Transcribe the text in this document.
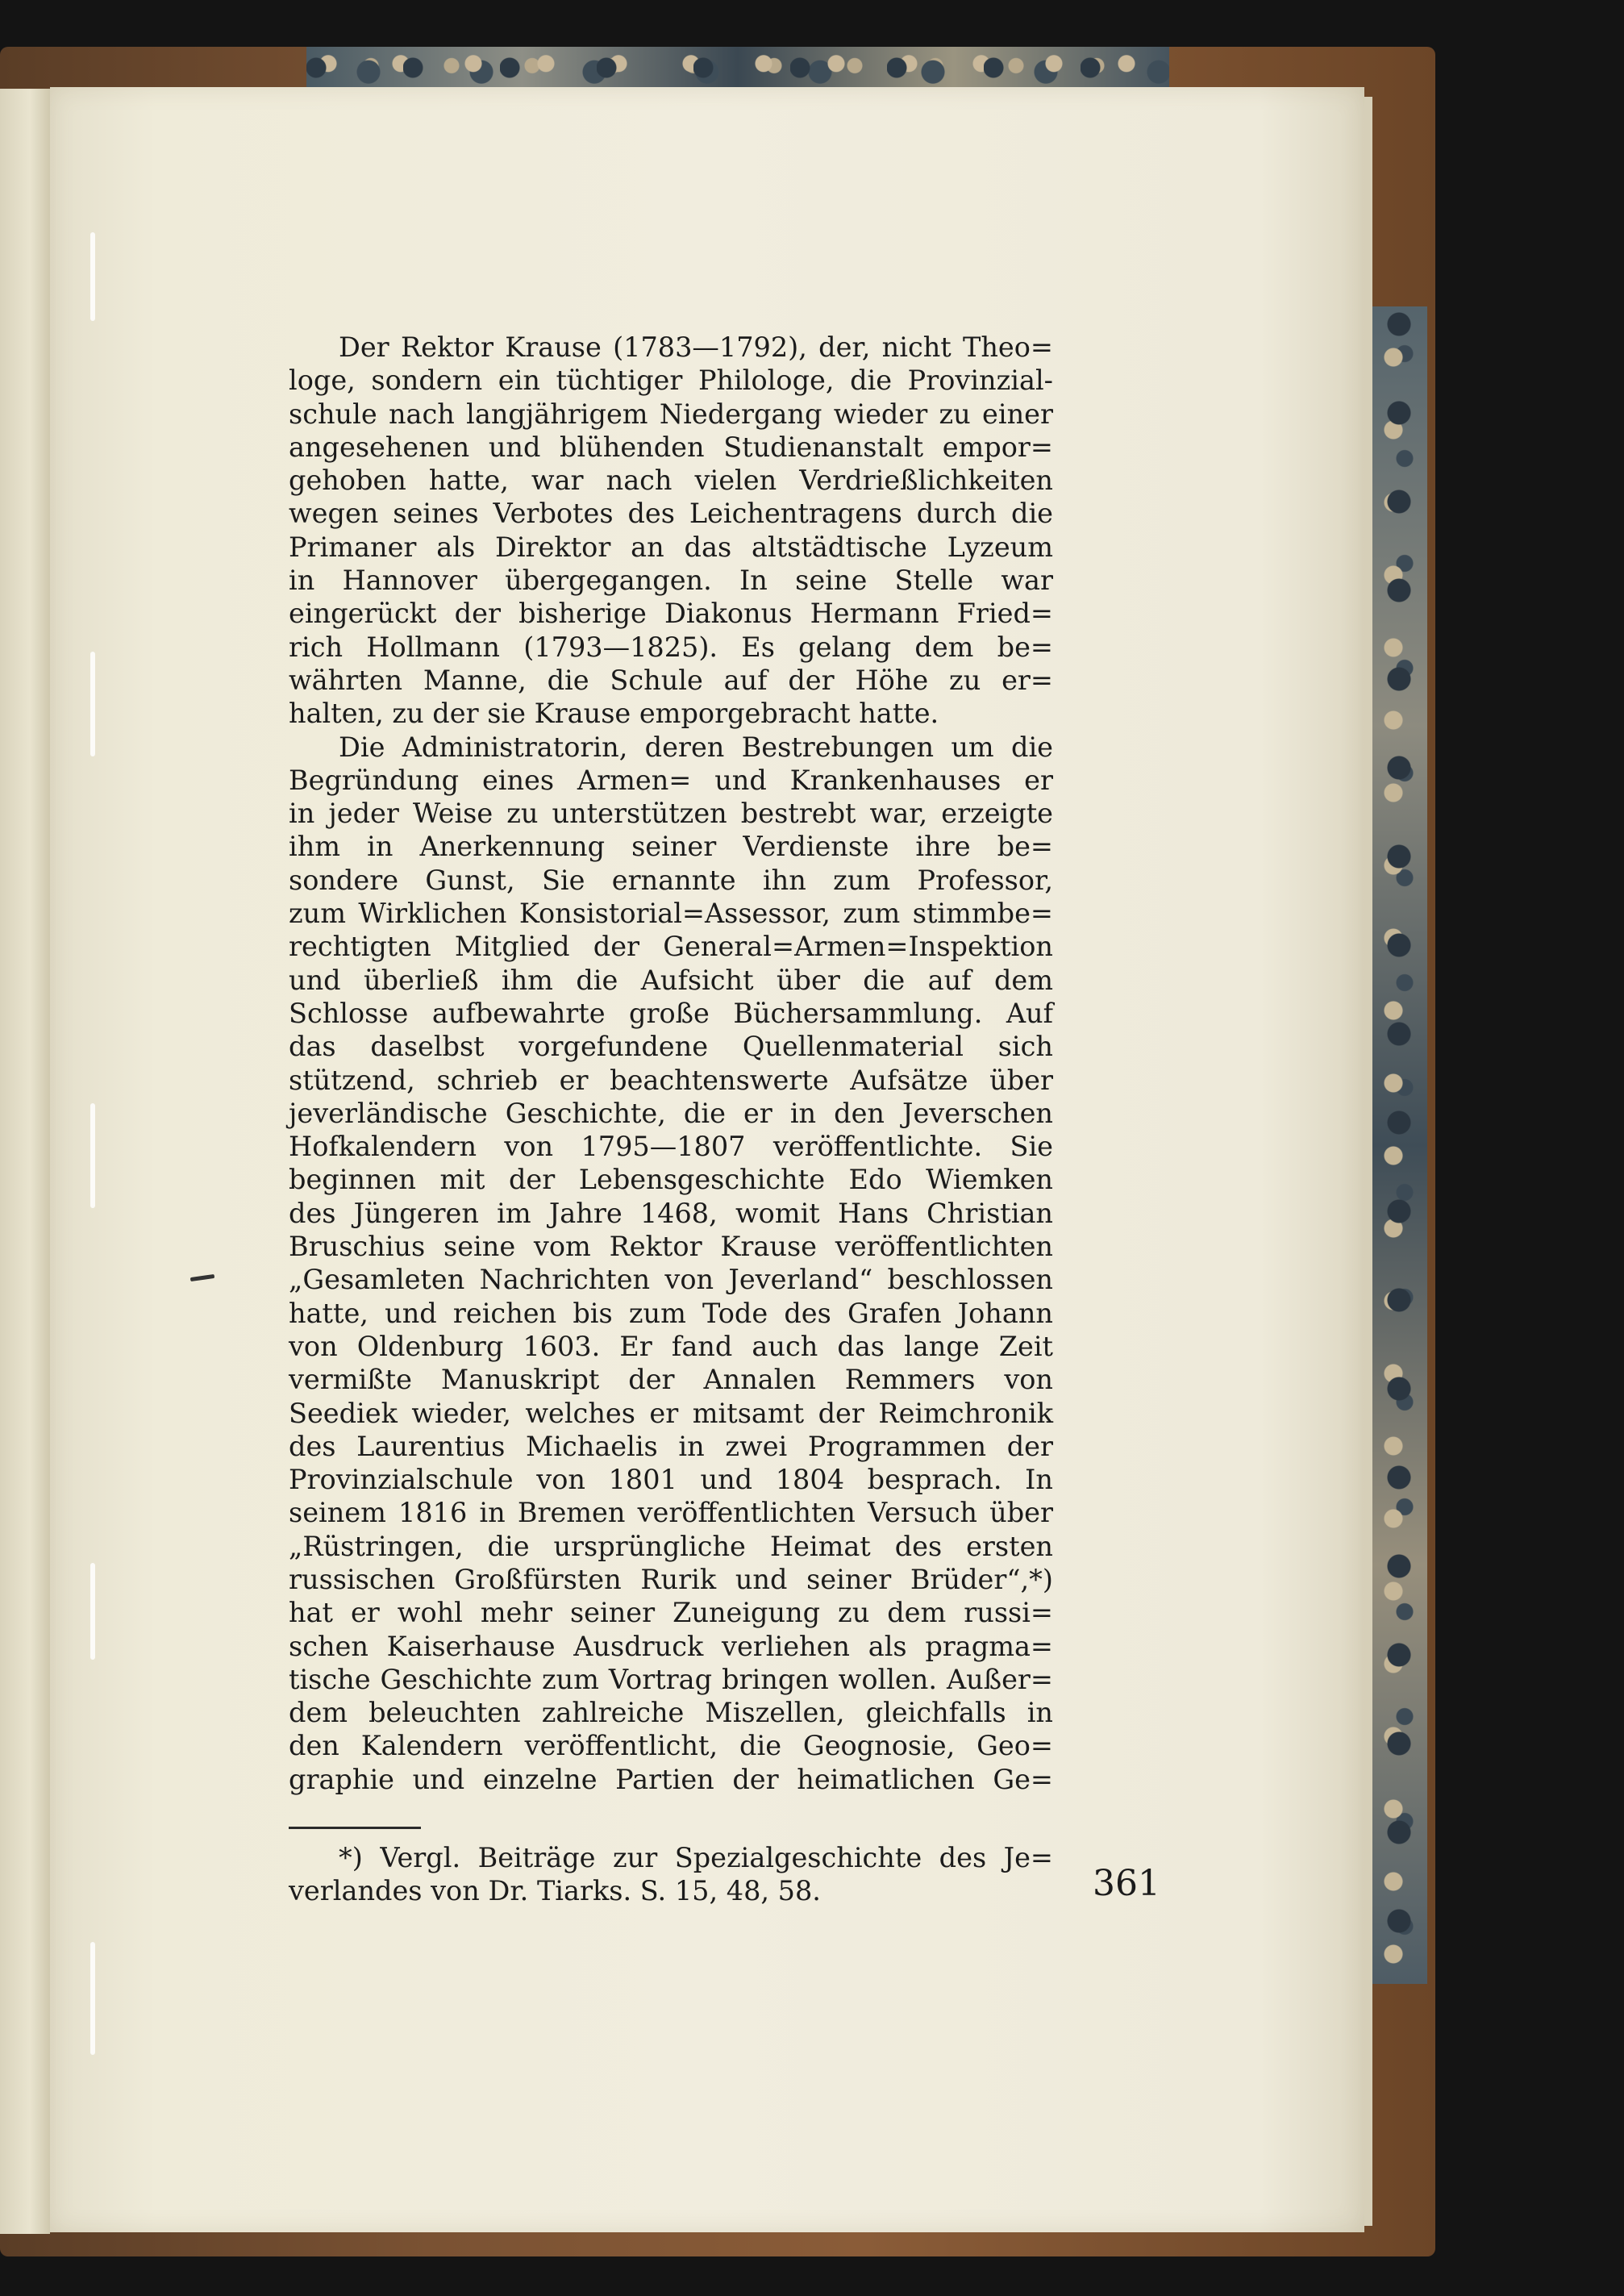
Der Rektor Krause (1783—1792), der, nicht Theo=
loge, sondern ein tüchtiger Philologe, die Provinzial-
schule nach langjährigem Niedergang wieder zu einer
angesehenen und blühenden Studienanstalt empor=
gehoben hatte, war nach vielen Verdrießlichkeiten
wegen seines Verbotes des Leichentragens durch die
Primaner als Direktor an das altstädtische Lyzeum
in Hannover übergegangen. In seine Stelle war
eingerückt der bisherige Diakonus Hermann Fried=
rich Hollmann (1793—1825). Es gelang dem be=
währten Manne, die Schule auf der Höhe zu er=
halten, zu der sie Krause emporgebracht hatte.
Die Administratorin, deren Bestrebungen um die
Begründung eines Armen= und Krankenhauses er
in jeder Weise zu unterstützen bestrebt war, erzeigte
ihm in Anerkennung seiner Verdienste ihre be=
sondere Gunst, Sie ernannte ihn zum Professor,
zum Wirklichen Konsistorial=Assessor, zum stimmbe=
rechtigten Mitglied der General=Armen=Inspektion
und überließ ihm die Aufsicht über die auf dem
Schlosse aufbewahrte große Büchersammlung. Auf
das daselbst vorgefundene Quellenmaterial sich
stützend, schrieb er beachtenswerte Aufsätze über
jeverländische Geschichte, die er in den Jeverschen
Hofkalendern von 1795—1807 veröffentlichte. Sie
beginnen mit der Lebensgeschichte Edo Wiemken
des Jüngeren im Jahre 1468, womit Hans Christian
Bruschius seine vom Rektor Krause veröffentlichten
„Gesamleten Nachrichten von Jeverland“ beschlossen
hatte, und reichen bis zum Tode des Grafen Johann
von Oldenburg 1603. Er fand auch das lange Zeit
vermißte Manuskript der Annalen Remmers von
Seediek wieder, welches er mitsamt der Reimchronik
des Laurentius Michaelis in zwei Programmen der
Provinzialschule von 1801 und 1804 besprach. In
seinem 1816 in Bremen veröffentlichten Versuch über
„Rüstringen, die ursprüngliche Heimat des ersten
russischen Großfürsten Rurik und seiner Brüder“,*)
hat er wohl mehr seiner Zuneigung zu dem russi=
schen Kaiserhause Ausdruck verliehen als pragma=
tische Geschichte zum Vortrag bringen wollen. Außer=
dem beleuchten zahlreiche Miszellen, gleichfalls in
den Kalendern veröffentlicht, die Geognosie, Geo=
graphie und einzelne Partien der heimatlichen Ge=
*) Vergl. Beiträge zur Spezialgeschichte des Je=
verlandes von Dr. Tiarks. S. 15, 48, 58.	361
